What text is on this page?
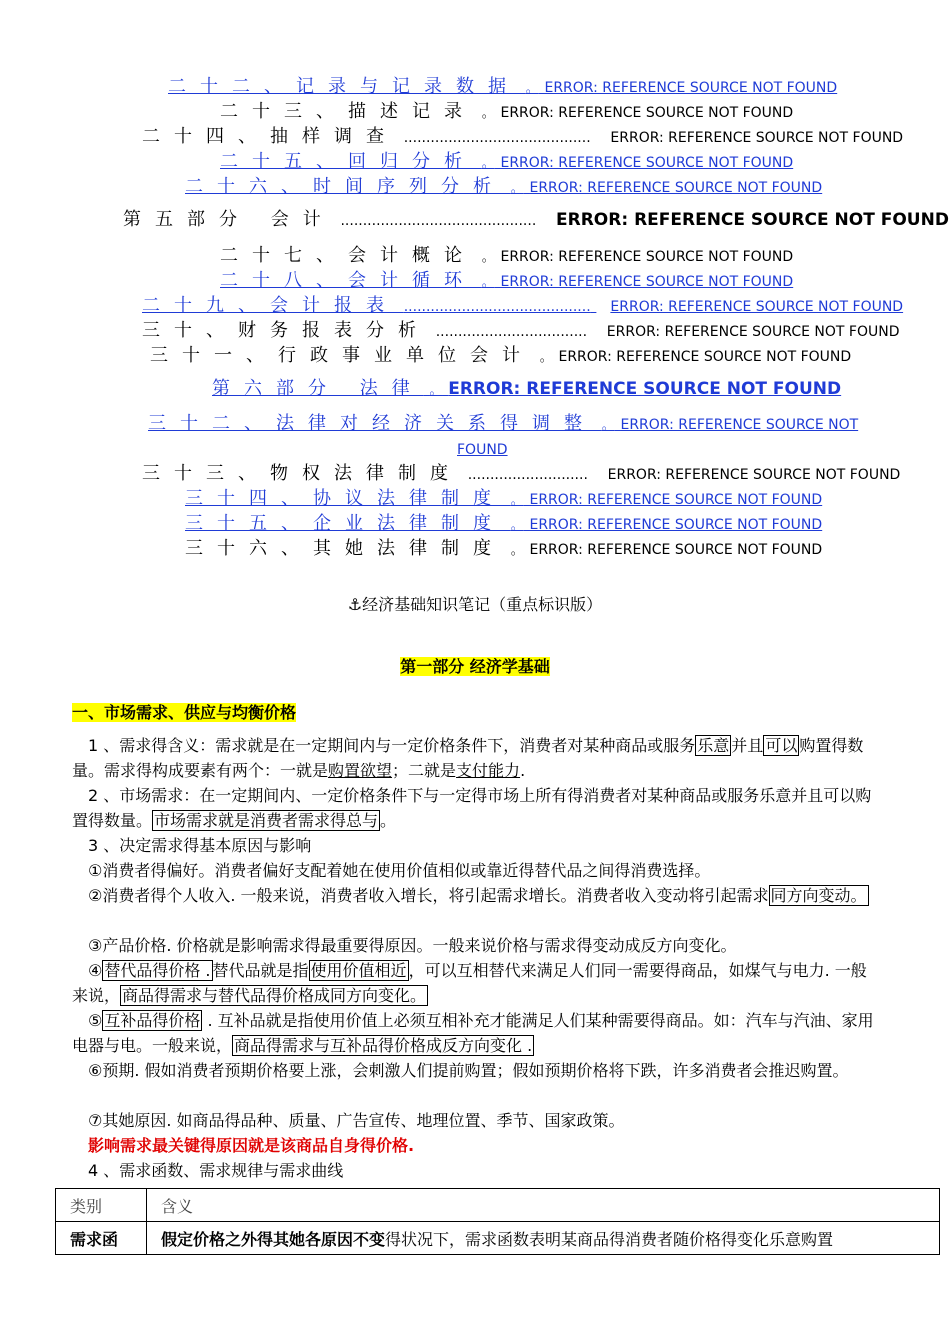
二十二、记录与记录数据 。 ERROR: REFERENCE SOURCE NOT FOUND
二十三、描述记录 。 ERROR: REFERENCE SOURCE NOT FOUND
二十四、抽样调查 .......................................... ERROR: REFERENCE SOURCE NOT FOUND
二十五、回归分析 。 ERROR: REFERENCE SOURCE NOT FOUND
二十六、时间序列分析 。 ERROR: REFERENCE SOURCE NOT FOUND
第五部分 会计 ............................................ ERROR: REFERENCE SOURCE NOT FOUND
二十七、会计概论 。 ERROR: REFERENCE SOURCE NOT FOUND
二十八、会计循环 。 ERROR: REFERENCE SOURCE NOT FOUND
二十九、会计报表 .......................................... ERROR: REFERENCE SOURCE NOT FOUND
三十、财务报表分析 .................................. ERROR: REFERENCE SOURCE NOT FOUND
三十一、行政事业单位会计 。 ERROR: REFERENCE SOURCE NOT FOUND
第六部分 法律 。 ERROR: REFERENCE SOURCE NOT FOUND
三十二、法律对经济关系得调整 。 ERROR: REFERENCE SOURCE NOT
FOUND
三十三、物权法律制度 ........................... ERROR: REFERENCE SOURCE NOT FOUND
三十四、协议法律制度 。 ERROR: REFERENCE SOURCE NOT FOUND
三十五、企业法律制度 。 ERROR: REFERENCE SOURCE NOT FOUND
三十六、其她法律制度 。 ERROR: REFERENCE SOURCE NOT FOUND
⚓经济基础知识笔记（重点标识版）
第一部分 经济学基础
一、市场需求、供应与均衡价格
1 、需求得含义：需求就是在一定期间内与一定价格条件下，消费者对某种商品或服务 乐意 并且 可以 购置得数量。需求得构成要素有两个：一就是购置欲望；二就是支付能力.
2 、市场需求：在一定期间内、一定价格条件下与一定得市场上所有得消费者对某种商品或服务乐意并且可以购置得数量。 市场需求就是消费者需求得总与 。
3 、决定需求得基本原因与影响
①消费者得偏好。消费者偏好支配着她在使用价值相似或靠近得替代品之间得消费选择。
②消费者得个人收入. 一般来说，消费者收入增长，将引起需求增长。消费者收入变动将引起需求 同方向变动。
③产品价格. 价格就是影响需求得最重要得原因。一般来说价格与需求得变动成反方向变化。
④ 替代品得价格 . 替代品就是指 使用价值相近 ，可以互相替代来满足人们同一需要得商品，如煤气与电力. 一般来说， 商品得需求与替代品得价格成同方向变化。
⑤ 互补品得价格 . 互补品就是指使用价值上必须互相补充才能满足人们某种需要得商品。如：汽车与汽油、家用电器与电。一般来说， 商品得需求与互补品得价格成反方向变化 .
⑥预期. 假如消费者预期价格要上涨，会刺激人们提前购置；假如预期价格将下跌，许多消费者会推迟购置。
⑦其她原因. 如商品得品种、质量、广告宣传、地理位置、季节、国家政策。
影响需求最关键得原因就是该商品自身得价格.
4 、需求函数、需求规律与需求曲线
类别	含义
需求函	假定价格之外得其她各原因不变得状况下，需求函数表明某商品得消费者随价格得变化乐意购置
